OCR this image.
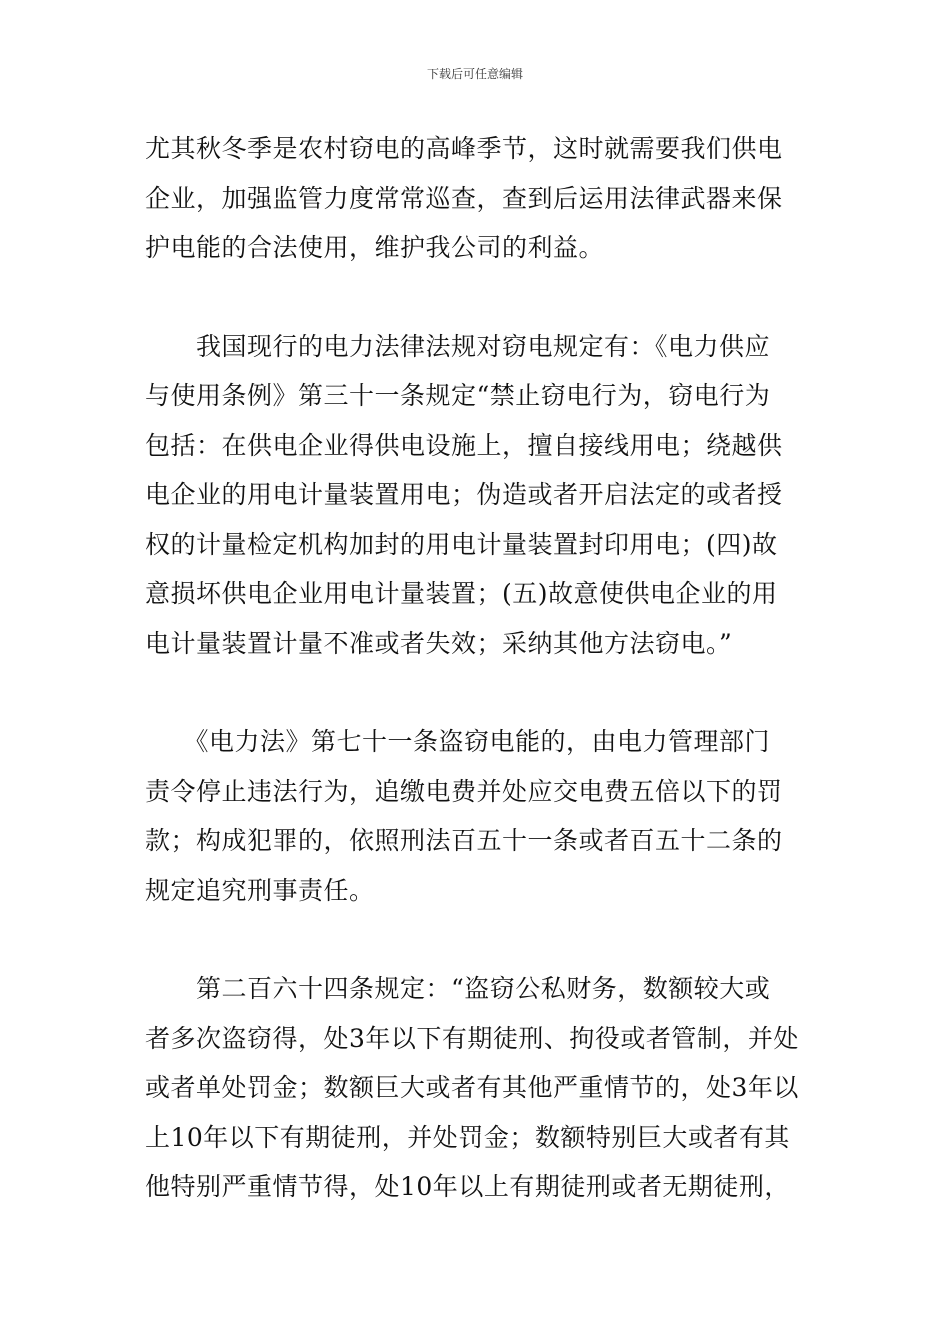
下载后可任意编辑
尤其秋冬季是农村窃电的高峰季节，这时就需要我们供电
企业，加强监管力度常常巡查，查到后运用法律武器来保
护电能的合法使用，维护我公司的利益。
　　我国现行的电力法律法规对窃电规定有：《电力供应
与使用条例》第三十一条规定“禁止窃电行为，窃电行为
包括：在供电企业得供电设施上，擅自接线用电；绕越供
电企业的用电计量装置用电；伪造或者开启法定的或者授
权的计量检定机构加封的用电计量装置封印用电；(四)故
意损坏供电企业用电计量装置；(五)故意使供电企业的用
电计量装置计量不准或者失效；采纳其他方法窃电。”
　　《电力法》第七十一条盗窃电能的，由电力管理部门
责令停止违法行为，追缴电费并处应交电费五倍以下的罚
款；构成犯罪的，依照刑法百五十一条或者百五十二条的
规定追究刑事责任。
　　第二百六十四条规定：“盗窃公私财务，数额较大或
者多次盗窃得，处3年以下有期徒刑、拘役或者管制，并处
或者单处罚金；数额巨大或者有其他严重情节的，处3年以
上10年以下有期徒刑，并处罚金；数额特别巨大或者有其
他特别严重情节得，处10年以上有期徒刑或者无期徒刑，
